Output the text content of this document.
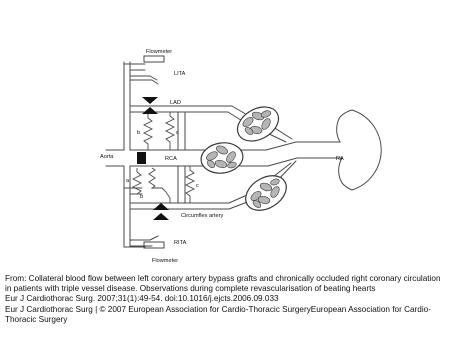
Flowmeter
LITA
LAD
b	c
Aorta	RCA	RA
a
b
c
Circumflex artery
RITA
Flowmeter

From: Collateral blood flow between left coronary artery bypass grafts and chronically occluded right coronary circulation in patients with triple vessel disease. Observations during complete revascularisation of beating hearts

Eur J Cardiothorac Surg. 2007;31(1):49-54. doi:10.1016/j.ejcts.2006.09.033

Eur J Cardiothorac Surg | © 2007 European Association for Cardio-Thoracic SurgeryEuropean Association for Cardio-Thoracic Surgery
